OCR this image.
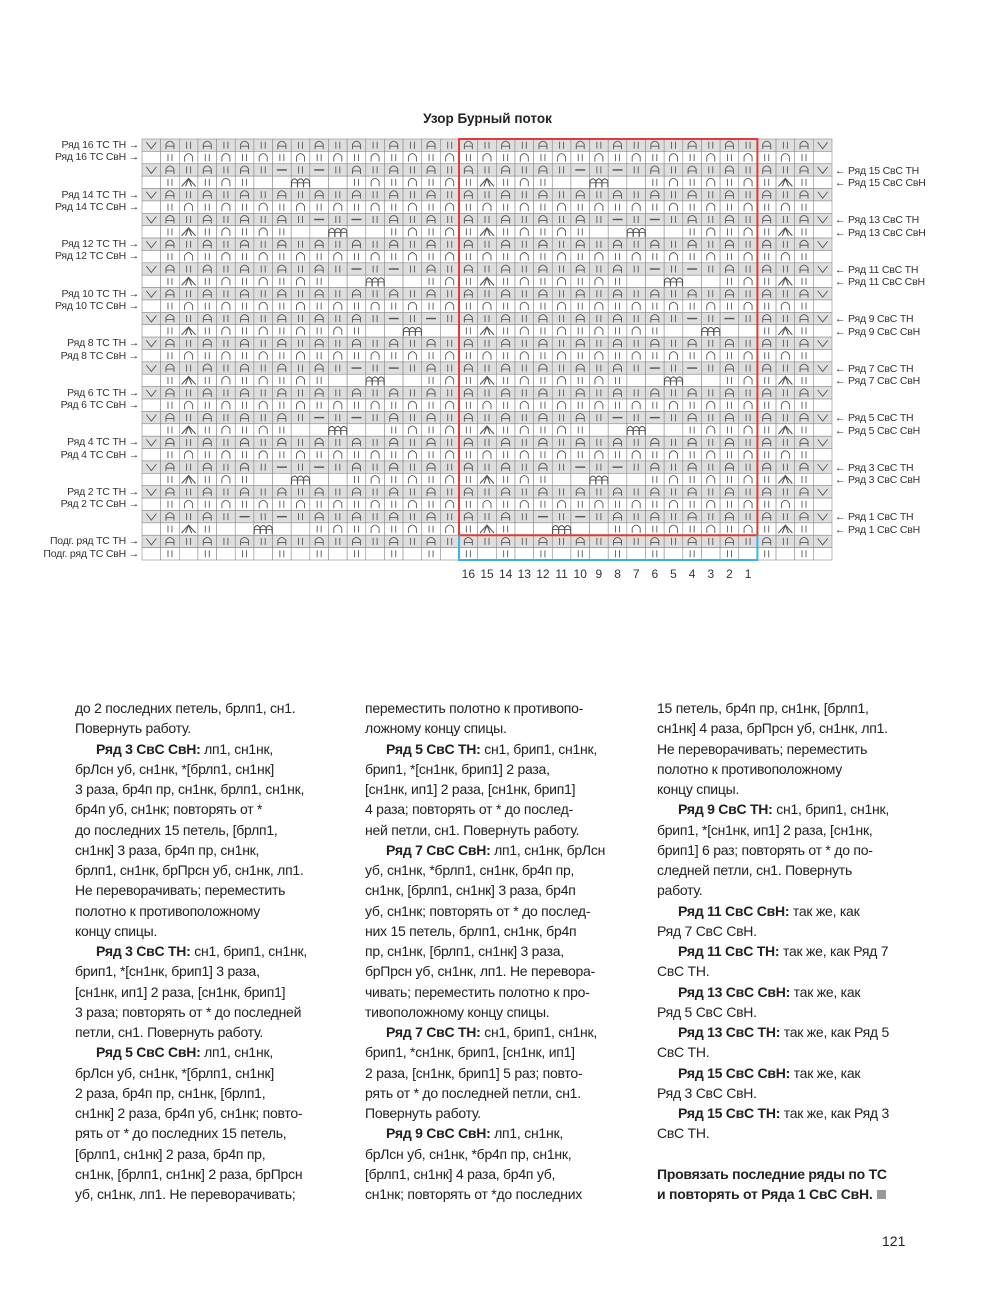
Узор Бурный поток
Ряд 16 ТС ТН →
Ряд 16 ТС СвН →
Ряд 14 ТС ТН →
Ряд 14 ТС СвН →
Ряд 12 ТС ТН →
Ряд 12 ТС СвН →
Ряд 10 ТС ТН →
Ряд 10 ТС СвН →
Ряд 8 ТС ТН →
Ряд 8 ТС СвН →
Ряд 6 ТС ТН →
Ряд 6 ТС СвН →
Ряд 4 ТС ТН →
Ряд 4 ТС СвН →
Ряд 2 ТС ТН →
Ряд 2 ТС СвН →
Подг. ряд ТС ТН →
Подг. ряд ТС СвН →
← Ряд 15 СвС ТН
← Ряд 15 СвС СвН
← Ряд 13 СвС ТН
← Ряд 13 СвС СвН
← Ряд 11 СвС ТН
← Ряд 11 СвС СвН
← Ряд 9 СвС ТН
← Ряд 9 СвС СвН
← Ряд 7 СвС ТН
← Ряд 7 СвС СвН
← Ряд 5 СвС ТН
← Ряд 5 СвС СвН
← Ряд 3 СвС ТН
← Ряд 3 СвС СвН
← Ряд 1 СвС ТН
← Ряд 1 СвС СвН
16 15 14 13 12 11 10 9 8 7 6 5 4 3 2 1
до 2 последних петель, брлп1, сн1.
Повернуть работу.
Ряд 3 СвС СвН: лп1, сн1нк,
брЛсн уб, сн1нк, *[брлп1, сн1нк]
3 раза, бр4п пр, сн1нк, брлп1, сн1нк,
бр4п уб, сн1нк; повторять от *
до последних 15 петель, [брлп1,
сн1нк] 3 раза, бр4п пр, сн1нк,
брлп1, сн1нк, брПрсн уб, сн1нк, лп1.
Не переворачивать; переместить
полотно к противоположному
концу спицы.
Ряд 3 СвС ТН: сн1, брип1, сн1нк,
брип1, *[сн1нк, брип1] 3 раза,
[сн1нк, ип1] 2 раза, [сн1нк, брип1]
3 раза; повторять от * до последней
петли, сн1. Повернуть работу.
Ряд 5 СвС СвН: лп1, сн1нк,
брЛсн уб, сн1нк, *[брлп1, сн1нк]
2 раза, бр4п пр, сн1нк, [брлп1,
сн1нк] 2 раза, бр4п уб, сн1нк; повто-
рять от * до последних 15 петель,
[брлп1, сн1нк] 2 раза, бр4п пр,
сн1нк, [брлп1, сн1нк] 2 раза, брПрсн
уб, сн1нк, лп1. Не переворачивать;
переместить полотно к противопо-
ложному концу спицы.
Ряд 5 СвС ТН: сн1, брип1, сн1нк,
брип1, *[сн1нк, брип1] 2 раза,
[сн1нк, ип1] 2 раза, [сн1нк, брип1]
4 раза; повторять от * до послед-
ней петли, сн1. Повернуть работу.
Ряд 7 СвС СвН: лп1, сн1нк, брЛсн
уб, сн1нк, *брлп1, сн1нк, бр4п пр,
сн1нк, [брлп1, сн1нк] 3 раза, бр4п
уб, сн1нк; повторять от * до послед-
них 15 петель, брлп1, сн1нк, бр4п
пр, сн1нк, [брлп1, сн1нк] 3 раза,
брПрсн уб, сн1нк, лп1. Не перевора-
чивать; переместить полотно к про-
тивоположному концу спицы.
Ряд 7 СвС ТН: сн1, брип1, сн1нк,
брип1, *сн1нк, брип1, [сн1нк, ип1]
2 раза, [сн1нк, брип1] 5 раз; повто-
рять от * до последней петли, сн1.
Повернуть работу.
Ряд 9 СвС СвН: лп1, сн1нк,
брЛсн уб, сн1нк, *бр4п пр, сн1нк,
[брлп1, сн1нк] 4 раза, бр4п уб,
сн1нк; повторять от *до последних
15 петель, бр4п пр, сн1нк, [брлп1,
сн1нк] 4 раза, брПрсн уб, сн1нк, лп1.
Не переворачивать; переместить
полотно к противоположному
концу спицы.
Ряд 9 СвС ТН: сн1, брип1, сн1нк,
брип1, *[сн1нк, ип1] 2 раза, [сн1нк,
брип1] 6 раз; повторять от * до по-
следней петли, сн1. Повернуть
работу.
Ряд 11 СвС СвН: так же, как
Ряд 7 СвС СвН.
Ряд 11 СвС ТН: так же, как Ряд 7
СвС ТН.
Ряд 13 СвС СвН: так же, как
Ряд 5 СвС СвН.
Ряд 13 СвС ТН: так же, как Ряд 5
СвС ТН.
Ряд 15 СвС СвН: так же, как
Ряд 3 СвС СвН.
Ряд 15 СвС ТН: так же, как Ряд 3
СвС ТН.
Провязать последние ряды по ТС
и повторять от Ряда 1 СвС СвН.
121
